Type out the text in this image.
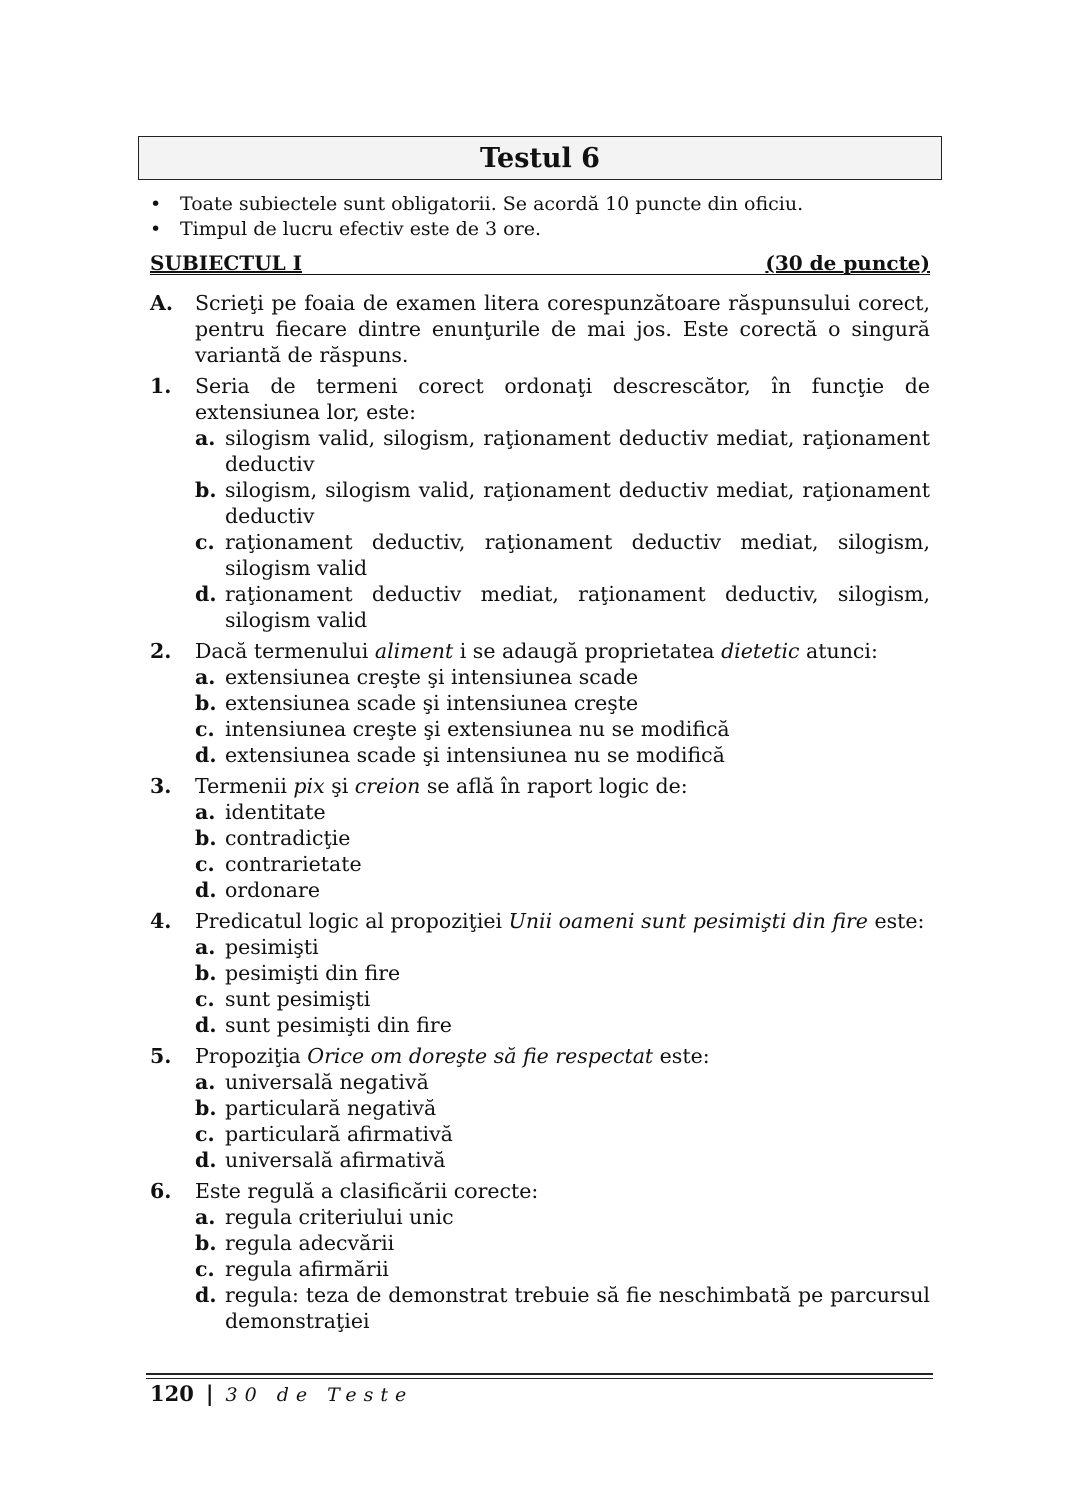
Testul 6
• Toate subiectele sunt obligatorii. Se acordă 10 puncte din oficiu.
• Timpul de lucru efectiv este de 3 ore.
SUBIECTUL I	(30 de puncte)
A. Scrieţi pe foaia de examen litera corespunzătoare răspunsului corect, pentru fiecare dintre enunţurile de mai jos. Este corectă o singură variantă de răspuns.
1. Seria de termeni corect ordonaţi descrescător, în funcţie de extensiunea lor, este:
a. silogism valid, silogism, raţionament deductiv mediat, raţionament deductiv
b. silogism, silogism valid, raţionament deductiv mediat, raţionament deductiv
c. raţionament deductiv, raţionament deductiv mediat, silogism, silogism valid
d. raţionament deductiv mediat, raţionament deductiv, silogism, silogism valid
2. Dacă termenului aliment i se adaugă proprietatea dietetic atunci:
a. extensiunea creşte şi intensiunea scade
b. extensiunea scade şi intensiunea creşte
c. intensiunea creşte şi extensiunea nu se modifică
d. extensiunea scade şi intensiunea nu se modifică
3. Termenii pix şi creion se află în raport logic de:
a. identitate
b. contradicţie
c. contrarietate
d. ordonare
4. Predicatul logic al propoziţiei Unii oameni sunt pesimişti din fire este:
a. pesimişti
b. pesimişti din fire
c. sunt pesimişti
d. sunt pesimişti din fire
5. Propoziţia Orice om doreşte să fie respectat este:
a. universală negativă
b. particulară negativă
c. particulară afirmativă
d. universală afirmativă
6. Este regulă a clasificării corecte:
a. regula criteriului unic
b. regula adecvării
c. regula afirmării
d. regula: teza de demonstrat trebuie să fie neschimbată pe parcursul demonstraţiei
120 | 30 de Teste
